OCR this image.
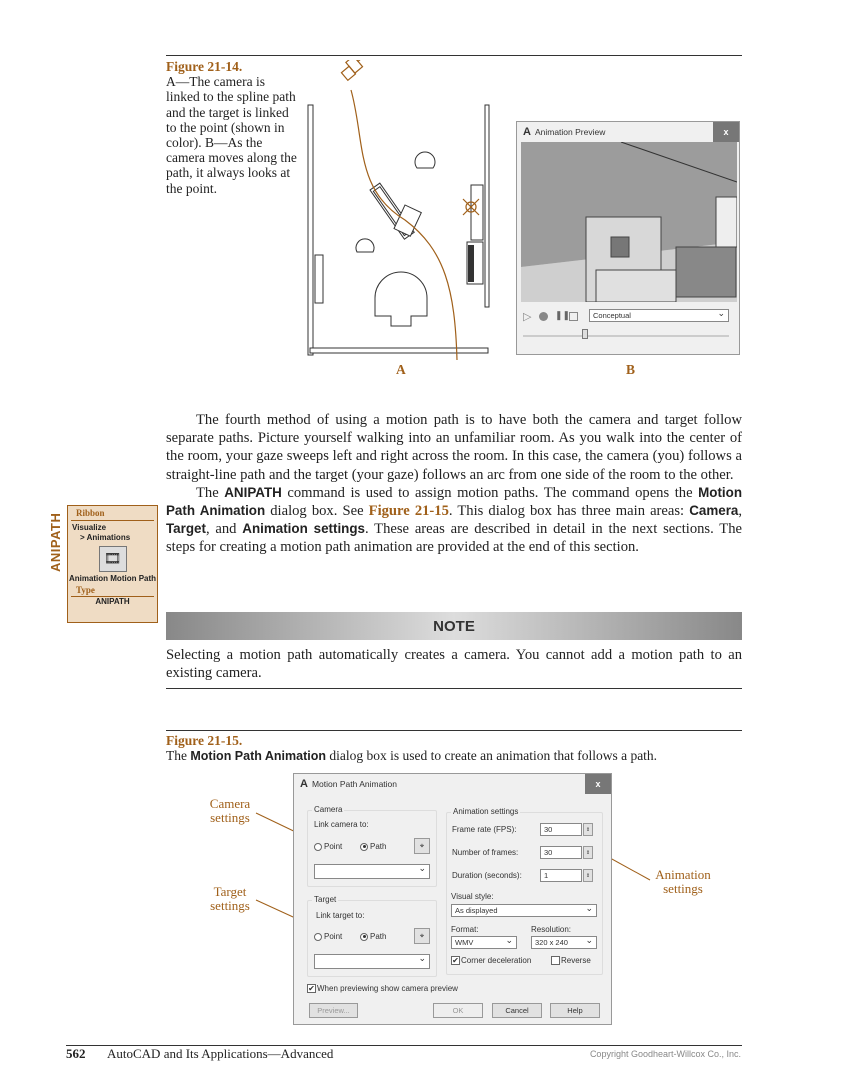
Figure 21-14.
A—The camera is linked to the spline path and the target is linked to the point (shown in color). B—As the camera moves along the path, it always looks at the point.
A Animation Preview	x
▷	❚❚	Conceptual ⌄
A	B

The fourth method of using a motion path is to have both the camera and target follow separate paths. Picture yourself walking into an unfamiliar room. As you walk into the center of the room, your gaze sweeps left and right across the room. In this case, the camera (you) follows a straight-line path and the target (your gaze) follows an arc from one side of the room to the other.

The ANIPATH command is used to assign motion paths. The command opens the Motion Path Animation dialog box. See Figure 21-15. This dialog box has three main areas: Camera, Target, and Animation settings. These areas are described in detail in the next sections. The steps for creating a motion path animation are provided at the end of this section.

ANIPATH	Ribbon
Visualize
> Animations
🎞
Animation Motion Path
Type
ANIPATH
NOTE
Selecting a motion path automatically creates a camera. You cannot add a motion path to an existing camera.
Figure 21-15.
The Motion Path Animation dialog box is used to create an animation that follows a path.
Camera settings
Target settings
Animation settings
A Motion Path Animation	x
Camera
Link camera to:
Point	Path	⌖
⌄
Target
Link target to:
Point	Path	⌖
⌄
Animation settings
Frame rate (FPS):	30	⇕
Number of frames:	30	⇕
Duration (seconds):	1	⇕
Visual style:
As displayed ⌄
Format:
WMV ⌄
Resolution:
320 x 240 ⌄
✔ Corner deceleration	Reverse
✔ When previewing show camera preview
Preview...	OK	Cancel	Help
562 AutoCAD and Its Applications—Advanced	Copyright Goodheart-Willcox Co., Inc.
